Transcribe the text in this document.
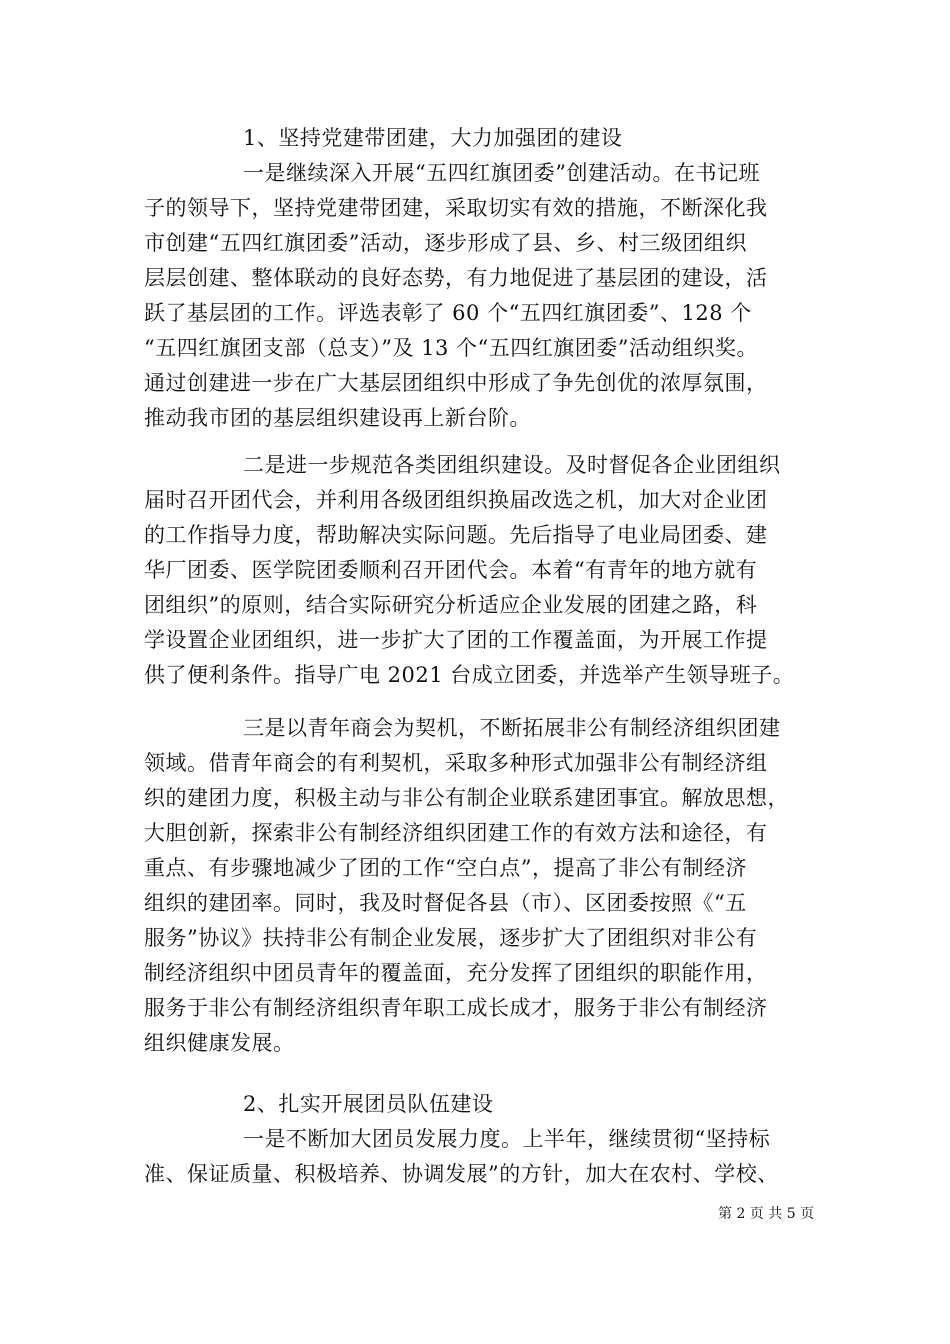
1、坚持党建带团建，大力加强团的建设
一是继续深入开展“五四红旗团委”创建活动。在书记班
子的领导下，坚持党建带团建，采取切实有效的措施，不断深化我
市创建“五四红旗团委”活动，逐步形成了县、乡、村三级团组织
层层创建、整体联动的良好态势，有力地促进了基层团的建设，活
跃了基层团的工作。评选表彰了 60 个“五四红旗团委”、128 个
“五四红旗团支部（总支）”及 13 个“五四红旗团委”活动组织奖。
通过创建进一步在广大基层团组织中形成了争先创优的浓厚氛围，
推动我市团的基层组织建设再上新台阶。
二是进一步规范各类团组织建设。及时督促各企业团组织
届时召开团代会，并利用各级团组织换届改选之机，加大对企业团
的工作指导力度，帮助解决实际问题。先后指导了电业局团委、建
华厂团委、医学院团委顺利召开团代会。本着“有青年的地方就有
团组织”的原则，结合实际研究分析适应企业发展的团建之路，科
学设置企业团组织，进一步扩大了团的工作覆盖面，为开展工作提
供了便利条件。指导广电 2021 台成立团委，并选举产生领导班子。
三是以青年商会为契机，不断拓展非公有制经济组织团建
领域。借青年商会的有利契机，采取多种形式加强非公有制经济组
织的建团力度，积极主动与非公有制企业联系建团事宜。解放思想，
大胆创新，探索非公有制经济组织团建工作的有效方法和途径，有
重点、有步骤地减少了团的工作“空白点”，提高了非公有制经济
组织的建团率。同时，我及时督促各县（市）、区团委按照《“五
服务”协议》扶持非公有制企业发展，逐步扩大了团组织对非公有
制经济组织中团员青年的覆盖面，充分发挥了团组织的职能作用，
服务于非公有制经济组织青年职工成长成才，服务于非公有制经济
组织健康发展。
2、扎实开展团员队伍建设
一是不断加大团员发展力度。上半年，继续贯彻“坚持标
准、保证质量、积极培养、协调发展”的方针，加大在农村、学校、
第 2 页 共 5 页
